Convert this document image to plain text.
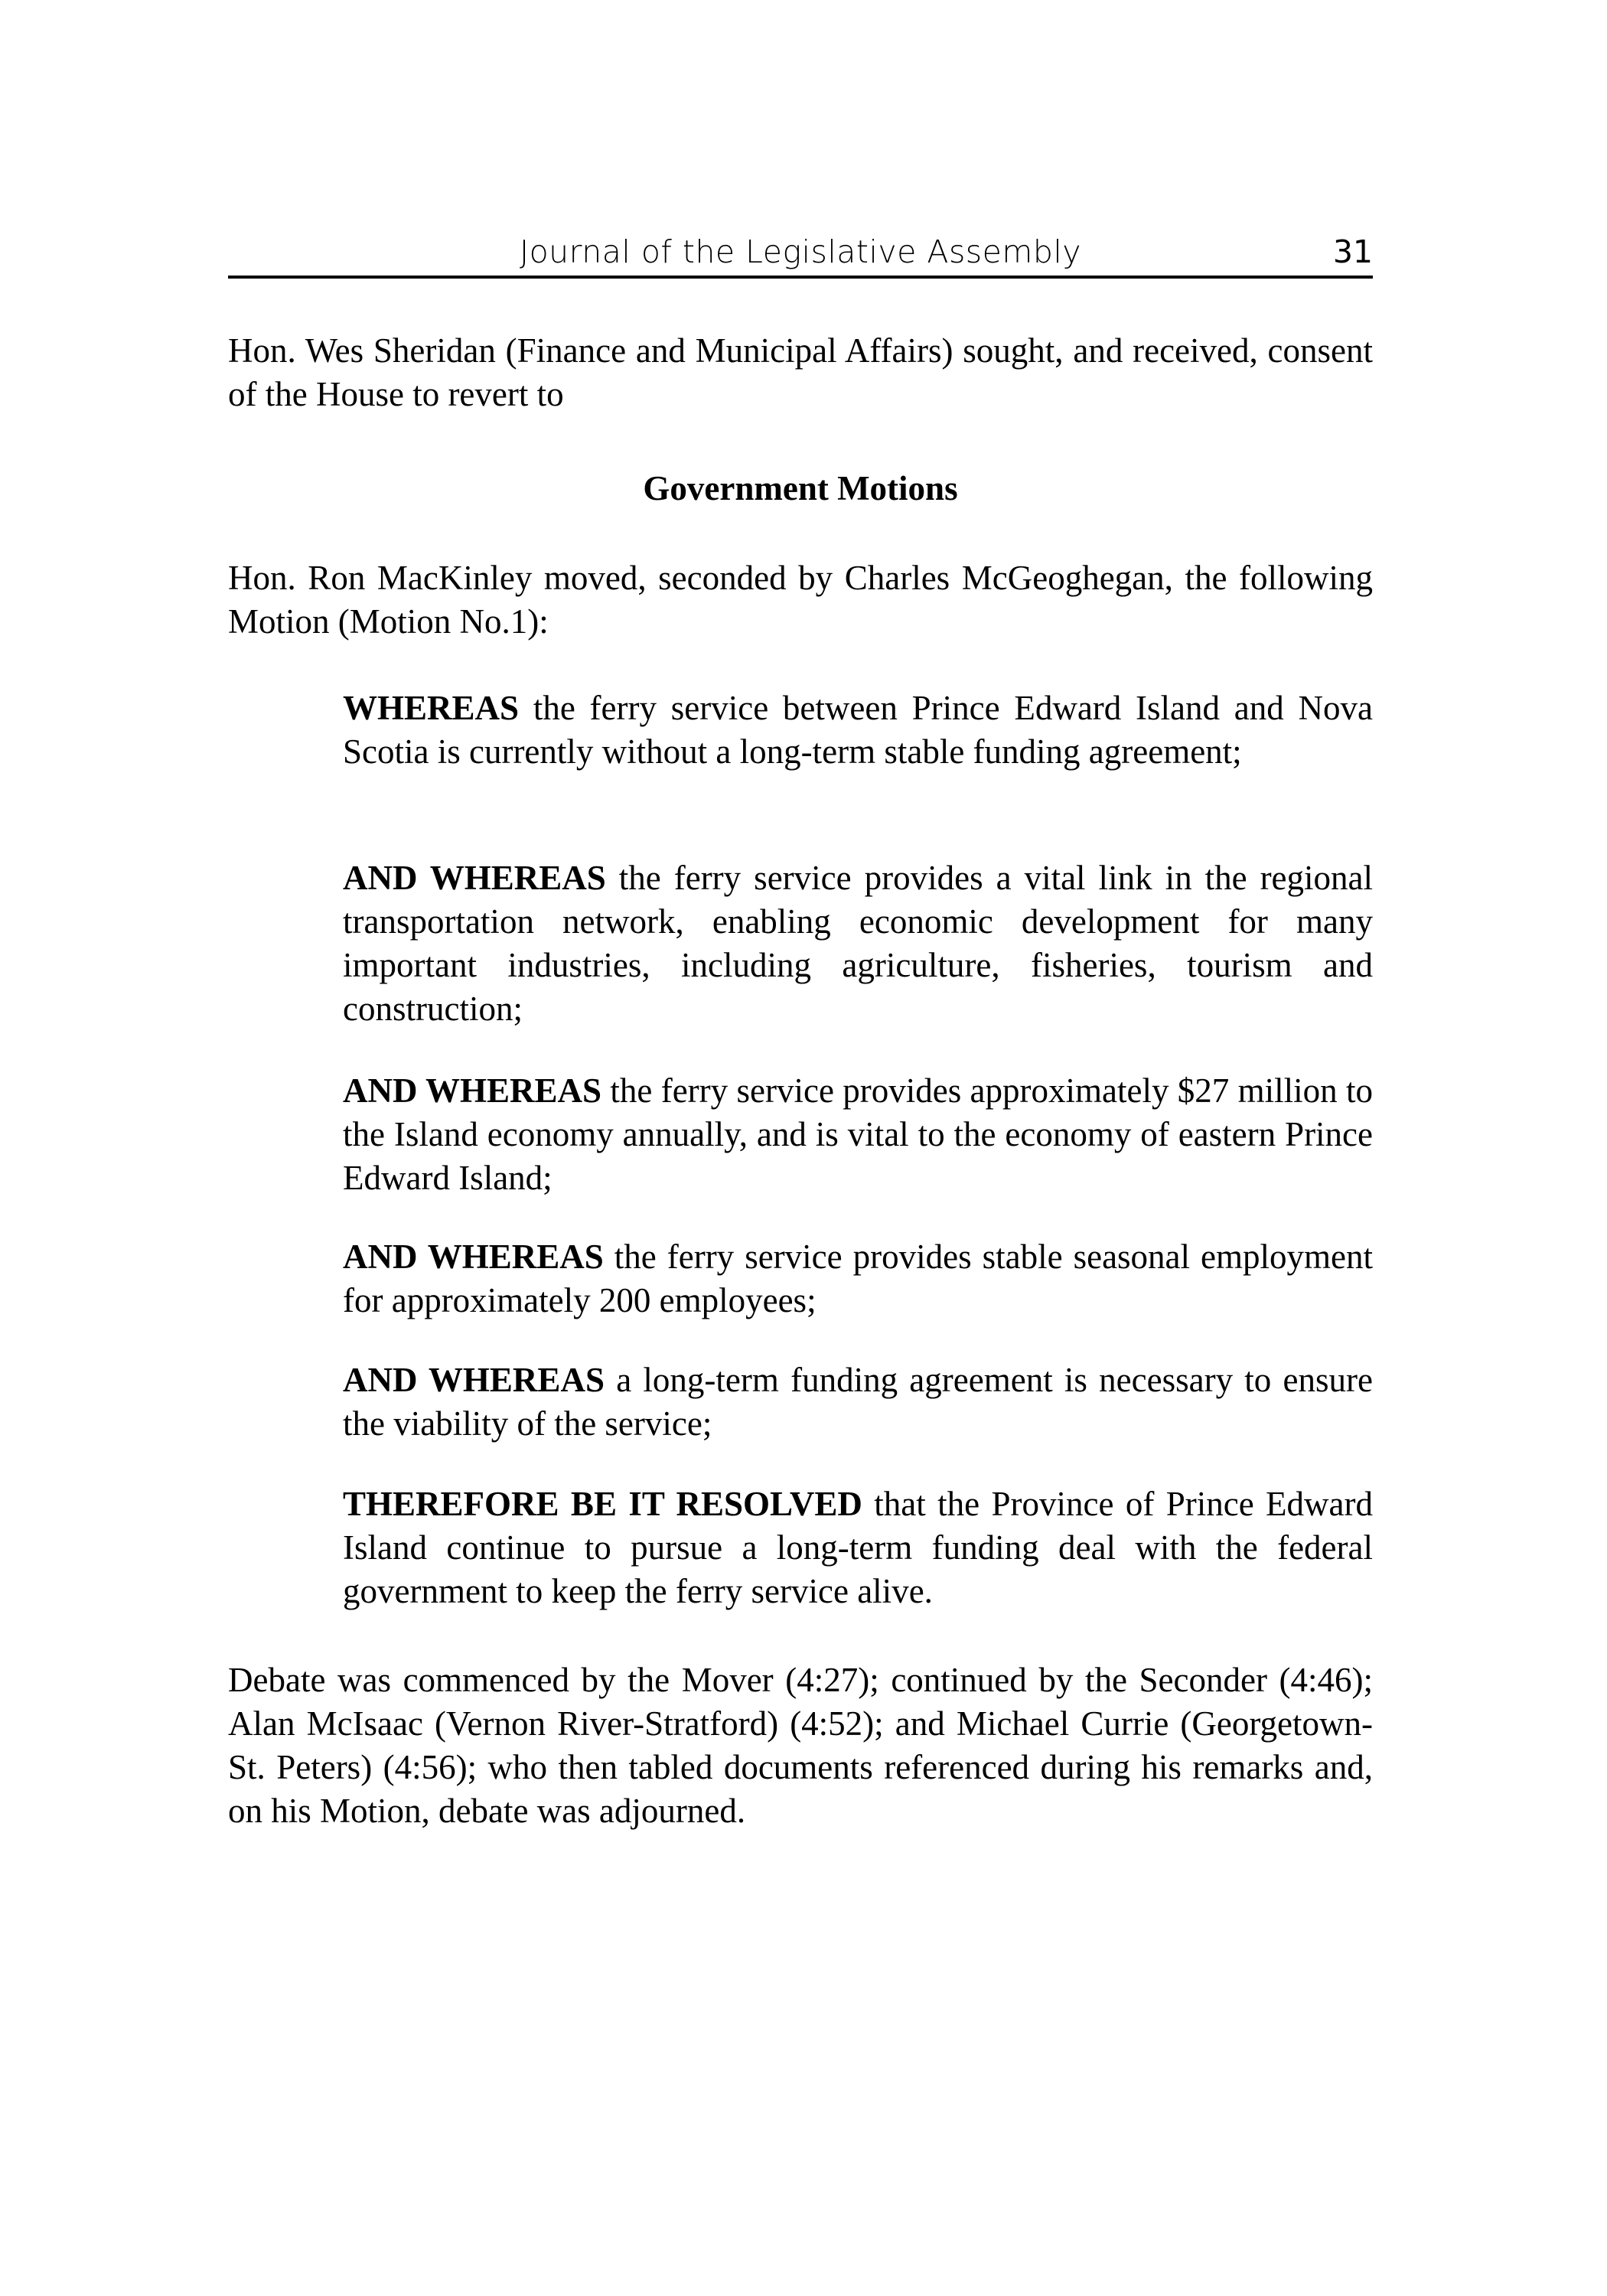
Journal of the Legislative Assembly	31

Hon. Wes Sheridan (Finance and Municipal Affairs) sought, and received, consent of the House to revert to

Government Motions

Hon. Ron MacKinley moved, seconded by Charles McGeoghegan, the following Motion (Motion No.1):

WHEREAS the ferry service between Prince Edward Island and Nova Scotia is currently without a long-term stable funding agreement;

AND WHEREAS the ferry service provides a vital link in the regional transportation network, enabling economic development for many important industries, including agriculture, fisheries, tourism and construction;

AND WHEREAS the ferry service provides approximately $27 million to the Island economy annually, and is vital to the economy of eastern Prince Edward Island;

AND WHEREAS the ferry service provides stable seasonal employment for approximately 200 employees;

AND WHEREAS a long-term funding agreement is necessary to ensure the viability of the service;

THEREFORE BE IT RESOLVED that the Province of Prince Edward Island continue to pursue a long-term funding deal with the federal government to keep the ferry service alive.

Debate was commenced by the Mover (4:27); continued by the Seconder (4:46); Alan McIsaac (Vernon River-Stratford) (4:52); and Michael Currie (Georgetown-St. Peters) (4:56); who then tabled documents referenced during his remarks and, on his Motion, debate was adjourned.
